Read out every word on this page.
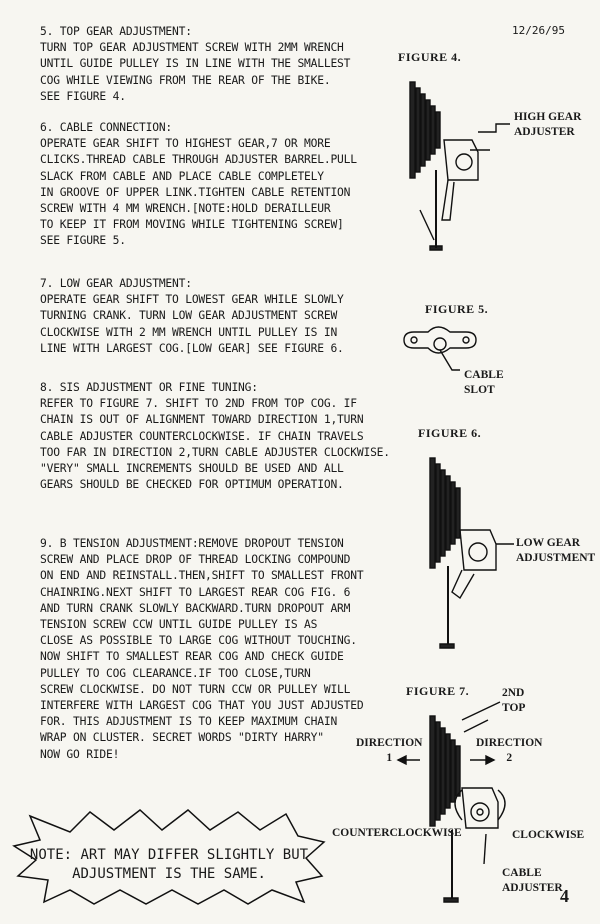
12/26/95
5. TOP GEAR ADJUSTMENT:
TURN TOP GEAR ADJUSTMENT SCREW WITH 2MM WRENCH
UNTIL GUIDE PULLEY IS IN LINE WITH THE SMALLEST
COG WHILE VIEWING FROM THE REAR OF THE BIKE.
SEE FIGURE 4.
6. CABLE CONNECTION:
OPERATE GEAR SHIFT TO HIGHEST GEAR,7 OR MORE
CLICKS.THREAD CABLE THROUGH ADJUSTER BARREL.PULL
SLACK FROM CABLE AND PLACE CABLE COMPLETELY
IN GROOVE OF UPPER LINK.TIGHTEN CABLE RETENTION
SCREW WITH 4 MM WRENCH.[NOTE:HOLD DERAILLEUR
TO KEEP IT FROM MOVING WHILE TIGHTENING SCREW]
SEE FIGURE 5.
7. LOW GEAR ADJUSTMENT:
OPERATE GEAR SHIFT TO LOWEST GEAR WHILE SLOWLY
TURNING CRANK. TURN LOW GEAR ADJUSTMENT SCREW
CLOCKWISE WITH 2 MM WRENCH UNTIL PULLEY IS IN
LINE WITH LARGEST COG.[LOW GEAR] SEE FIGURE 6.
8. SIS ADJUSTMENT OR FINE TUNING:
REFER TO FIGURE 7. SHIFT TO 2ND FROM TOP COG. IF
CHAIN IS OUT OF ALIGNMENT TOWARD DIRECTION 1,TURN
CABLE ADJUSTER COUNTERCLOCKWISE. IF CHAIN TRAVELS
TOO FAR IN DIRECTION 2,TURN CABLE ADJUSTER CLOCKWISE.
"VERY" SMALL INCREMENTS SHOULD BE USED AND ALL
GEARS SHOULD BE CHECKED FOR OPTIMUM OPERATION.
9. B TENSION ADJUSTMENT:REMOVE DROPOUT TENSION
SCREW AND PLACE DROP OF THREAD LOCKING COMPOUND
ON END AND REINSTALL.THEN,SHIFT TO SMALLEST FRONT
CHAINRING.NEXT SHIFT TO LARGEST REAR COG FIG. 6
AND TURN CRANK SLOWLY BACKWARD.TURN DROPOUT ARM
TENSION SCREW CCW UNTIL GUIDE PULLEY IS AS
CLOSE AS POSSIBLE TO LARGE COG WITHOUT TOUCHING.
NOW SHIFT TO SMALLEST REAR COG AND CHECK GUIDE
PULLEY TO COG CLEARANCE.IF TOO CLOSE,TURN
SCREW CLOCKWISE. DO NOT TURN CCW OR PULLEY WILL
INTERFERE WITH LARGEST COG THAT YOU JUST ADJUSTED
FOR. THIS ADJUSTMENT IS TO KEEP MAXIMUM CHAIN
WRAP ON CLUSTER. SECRET WORDS "DIRTY HARRY"
NOW GO RIDE!
FIGURE 4.
HIGH GEAR
ADJUSTER
FIGURE 5.
CABLE
SLOT
FIGURE 6.
LOW GEAR
ADJUSTMENT
FIGURE 7.	2ND
TOP
DIRECTION
1
DIRECTION
2
COUNTERCLOCKWISE	CLOCKWISE
CABLE
ADJUSTER
NOTE: ART MAY DIFFER SLIGHTLY BUT
ADJUSTMENT IS THE SAME.
4
